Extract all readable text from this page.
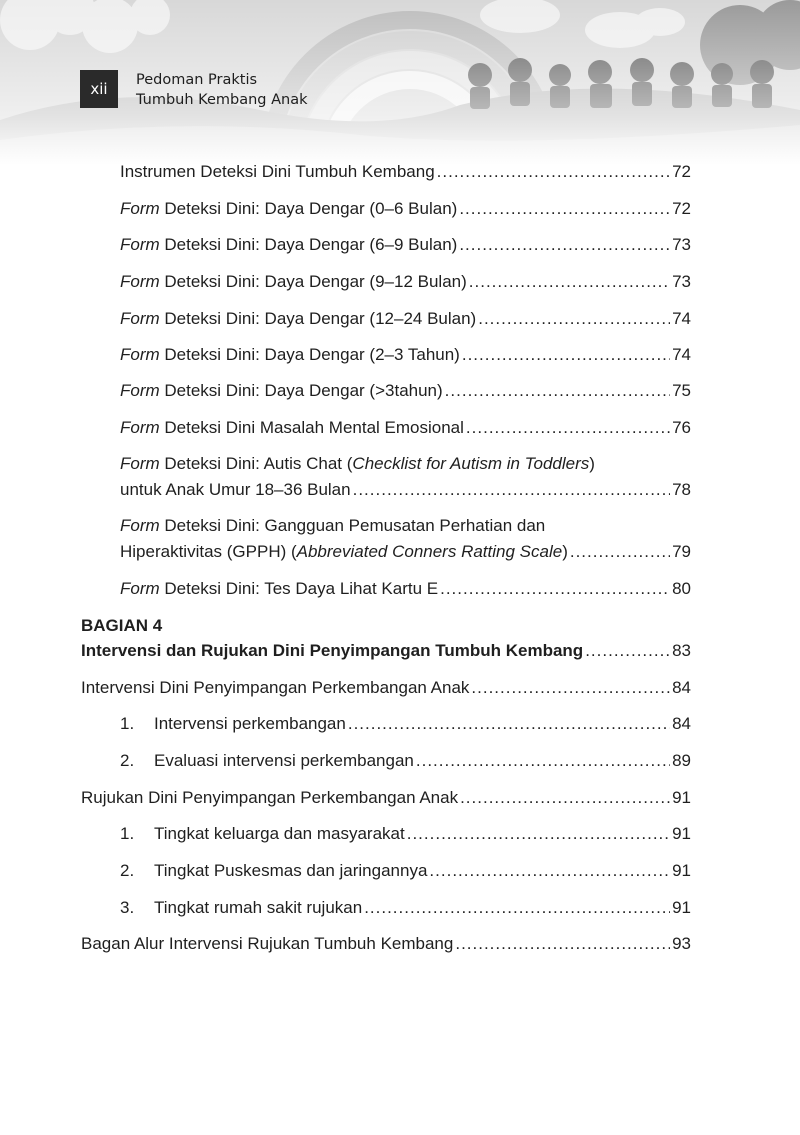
xii Pedoman Praktis
Tumbuh Kembang Anak
Instrumen Deteksi Dini Tumbuh Kembang .....	72
Form Deteksi Dini: Daya Dengar (0–6 Bulan) .....	72
Form Deteksi Dini: Daya Dengar (6–9 Bulan) .....	73
Form Deteksi Dini: Daya Dengar (9–12 Bulan) .....	73
Form Deteksi Dini: Daya Dengar (12–24 Bulan) .....	74
Form Deteksi Dini: Daya Dengar (2–3 Tahun) .....	74
Form Deteksi Dini: Daya Dengar (>3tahun) .....	75
Form Deteksi Dini Masalah Mental Emosional .....	76
Form Deteksi Dini: Autis Chat (Checklist for Autism in Toddlers)
untuk Anak Umur 18–36 Bulan .....	78
Form Deteksi Dini: Gangguan Pemusatan Perhatian dan
Hiperaktivitas (GPPH) (Abbreviated Conners Ratting Scale) .....	79
Form Deteksi Dini: Tes Daya Lihat Kartu E .....	80
BAGIAN 4
Intervensi dan Rujukan Dini Penyimpangan Tumbuh Kembang .....	83
Intervensi Dini Penyimpangan Perkembangan Anak .....	84
1. Intervensi perkembangan .....	84
2. Evaluasi intervensi perkembangan .....	89
Rujukan Dini Penyimpangan Perkembangan Anak .....	91
1. Tingkat keluarga dan masyarakat .....	91
2. Tingkat Puskesmas dan jaringannya .....	91
3. Tingkat rumah sakit rujukan .....	91
Bagan Alur Intervensi Rujukan Tumbuh Kembang .....	93
